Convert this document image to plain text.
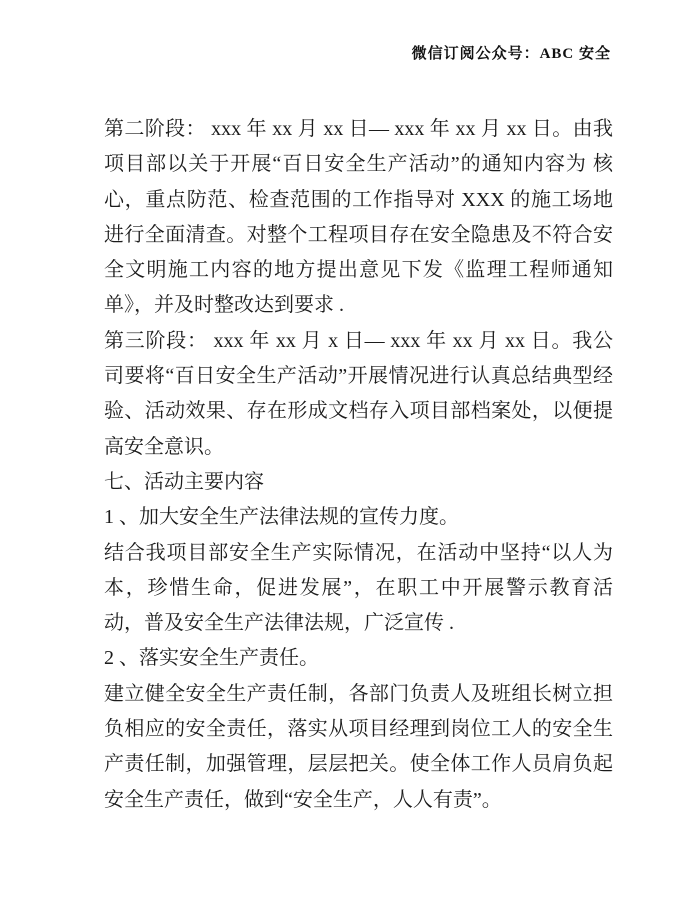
微信订阅公众号：ABC 安全

第二阶段： xxx 年 xx 月 xx 日— xxx 年 xx 月 xx 日。由我项目部以关于开展“百日安全生产活动”的通知内容为 核心，重点防范、检查范围的工作指导对 XXX 的施工场地进行全面清查。对整个工程项目存在安全隐患及不符合安全文明施工内容的地方提出意见下发《监理工程师通知单》，并及时整改达到要求 .

第三阶段： xxx 年 xx 月 x 日— xxx 年 xx 月 xx 日。我公司要将“百日安全生产活动”开展情况进行认真总结典型经验、活动效果、存在形成文档存入项目部档案处，以便提高安全意识。

七、活动主要内容

1 、加大安全生产法律法规的宣传力度。

结合我项目部安全生产实际情况，在活动中坚持“以人为本，珍惜生命，促进发展”，在职工中开展警示教育活 动，普及安全生产法律法规，广泛宣传 .

2 、落实安全生产责任。

建立健全安全生产责任制，各部门负责人及班组长树立担负相应的安全责任，落实从项目经理到岗位工人的安全生产责任制，加强管理，层层把关。使全体工作人员肩负起安全生产责任，做到“安全生产，人人有责”。
